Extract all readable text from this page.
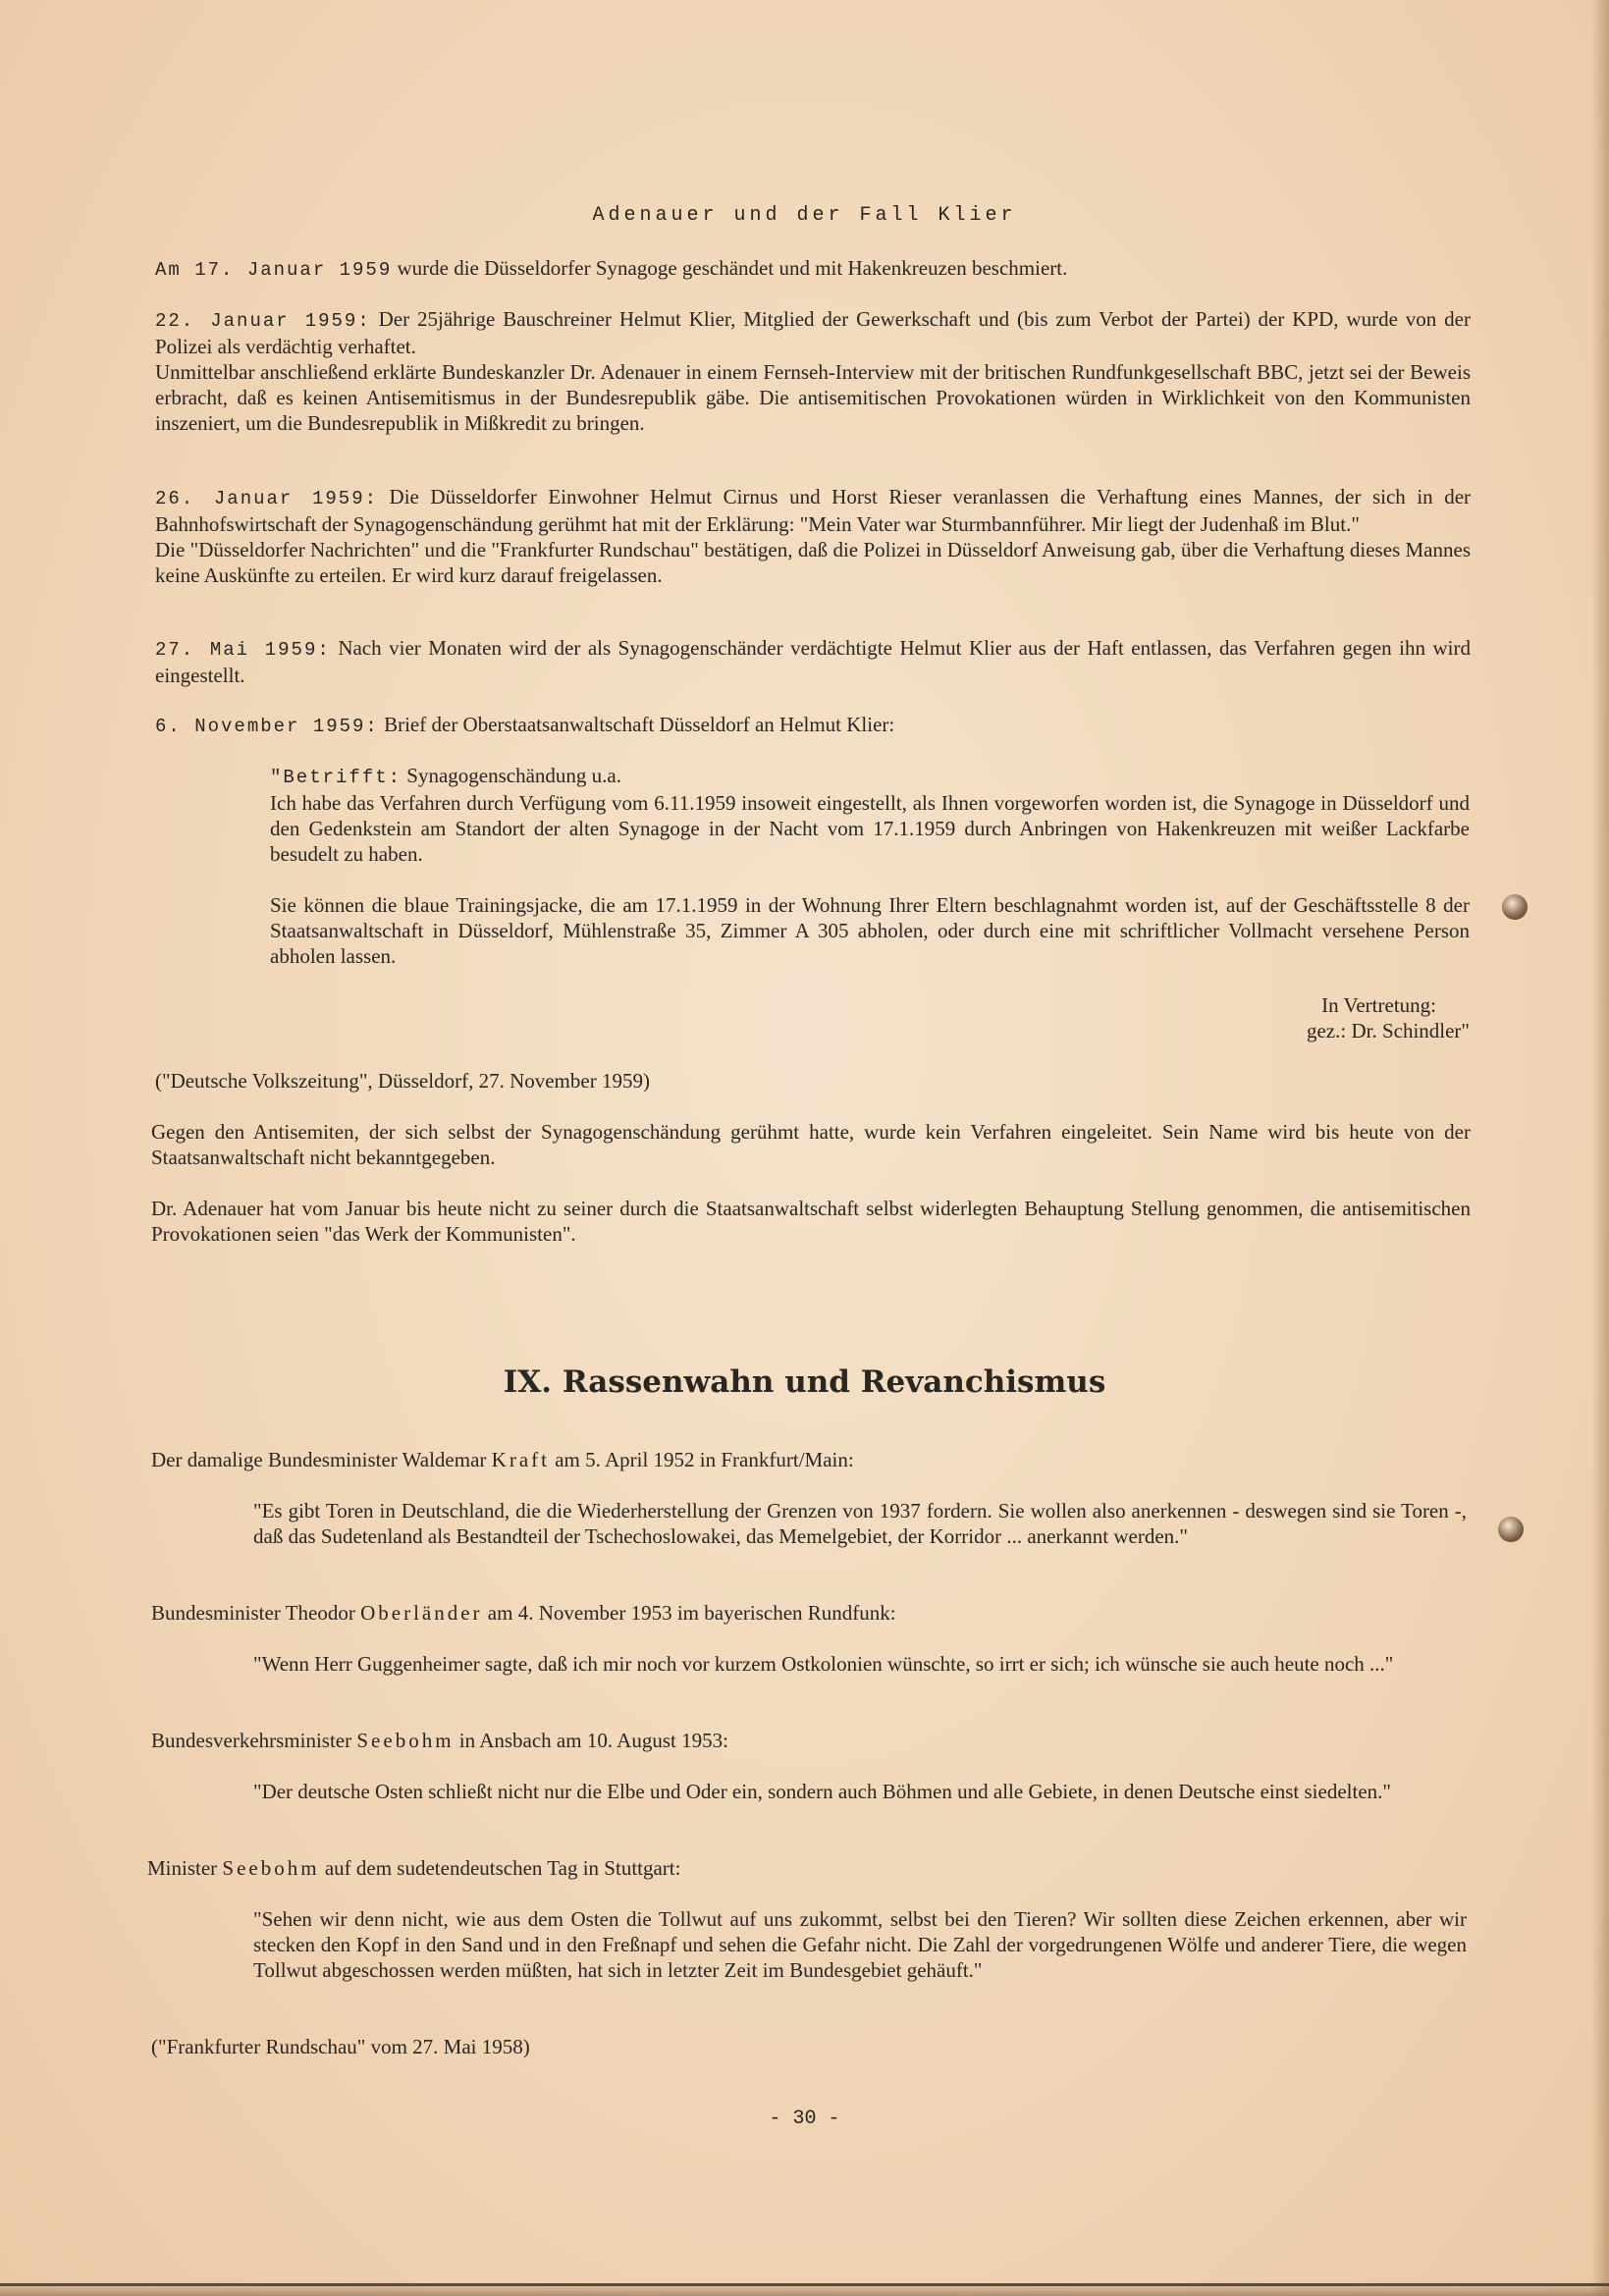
Adenauer und der Fall Klier
Am 17. Januar 1959 wurde die Düsseldorfer Synagoge geschändet und mit Hakenkreuzen beschmiert.

22. Januar 1959: Der 25jährige Bauschreiner Helmut Klier, Mitglied der Gewerkschaft und (bis zum Verbot der Partei) der KPD, wurde von der Polizei als verdächtig verhaftet.

Unmittelbar anschließend erklärte Bundeskanzler Dr. Adenauer in einem Fernseh-Interview mit der britischen Rundfunkgesellschaft BBC, jetzt sei der Beweis erbracht, daß es keinen Antisemitismus in der Bundesrepublik gäbe. Die antisemitischen Provokationen würden in Wirklichkeit von den Kommunisten inszeniert, um die Bundesrepublik in Mißkredit zu bringen.

26. Januar 1959: Die Düsseldorfer Einwohner Helmut Cirnus und Horst Rieser veranlassen die Verhaftung eines Mannes, der sich in der Bahnhofswirtschaft der Synagogenschändung gerühmt hat mit der Erklärung: "Mein Vater war Sturmbannführer. Mir liegt der Judenhaß im Blut."

Die "Düsseldorfer Nachrichten" und die "Frankfurter Rundschau" bestätigen, daß die Polizei in Düsseldorf Anweisung gab, über die Verhaftung dieses Mannes keine Auskünfte zu erteilen. Er wird kurz darauf freigelassen.

27. Mai 1959: Nach vier Monaten wird der als Synagogenschänder verdächtigte Helmut Klier aus der Haft entlassen, das Verfahren gegen ihn wird eingestellt.
6. November 1959: Brief der Oberstaatsanwaltschaft Düsseldorf an Helmut Klier:

"Betrifft: Synagogenschändung u.a.

Ich habe das Verfahren durch Verfügung vom 6.11.1959 insoweit eingestellt, als Ihnen vorgeworfen worden ist, die Synagoge in Düsseldorf und den Gedenkstein am Standort der alten Synagoge in der Nacht vom 17.1.1959 durch Anbringen von Hakenkreuzen mit weißer Lackfarbe besudelt zu haben.

Sie können die blaue Trainingsjacke, die am 17.1.1959 in der Wohnung Ihrer Eltern beschlagnahmt worden ist, auf der Geschäftsstelle 8 der Staatsanwaltschaft in Düsseldorf, Mühlenstraße 35, Zimmer A 305 abholen, oder durch eine mit schriftlicher Vollmacht versehene Person abholen lassen.

In Vertretung:
gez.: Dr. Schindler"
("Deutsche Volkszeitung", Düsseldorf, 27. November 1959)
Gegen den Antisemiten, der sich selbst der Synagogenschändung gerühmt hatte, wurde kein Verfahren eingeleitet. Sein Name wird bis heute von der Staatsanwaltschaft nicht bekanntgegeben.
Dr. Adenauer hat vom Januar bis heute nicht zu seiner durch die Staatsanwaltschaft selbst widerlegten Behauptung Stellung genommen, die antisemitischen Provokationen seien "das Werk der Kommunisten".
IX. Rassenwahn und Revanchismus
Der damalige Bundesminister Waldemar Kraft am 5. April 1952 in Frankfurt/Main:
"Es gibt Toren in Deutschland, die die Wiederherstellung der Grenzen von 1937 fordern. Sie wollen also anerkennen - deswegen sind sie Toren -, daß das Sudetenland als Bestandteil der Tschechoslowakei, das Memelgebiet, der Korridor ... anerkannt werden."
Bundesminister Theodor Oberländer am 4. November 1953 im bayerischen Rundfunk:
"Wenn Herr Guggenheimer sagte, daß ich mir noch vor kurzem Ostkolonien wünschte, so irrt er sich; ich wünsche sie auch heute noch ..."
Bundesverkehrsminister Seebohm in Ansbach am 10. August 1953:
"Der deutsche Osten schließt nicht nur die Elbe und Oder ein, sondern auch Böhmen und alle Gebiete, in denen Deutsche einst siedelten."
Minister Seebohm auf dem sudetendeutschen Tag in Stuttgart:
"Sehen wir denn nicht, wie aus dem Osten die Tollwut auf uns zukommt, selbst bei den Tieren? Wir sollten diese Zeichen erkennen, aber wir stecken den Kopf in den Sand und in den Freßnapf und sehen die Gefahr nicht. Die Zahl der vorgedrungenen Wölfe und anderer Tiere, die wegen Tollwut abgeschossen werden müßten, hat sich in letzter Zeit im Bundesgebiet gehäuft."
("Frankfurter Rundschau" vom 27. Mai 1958)
- 30 -
